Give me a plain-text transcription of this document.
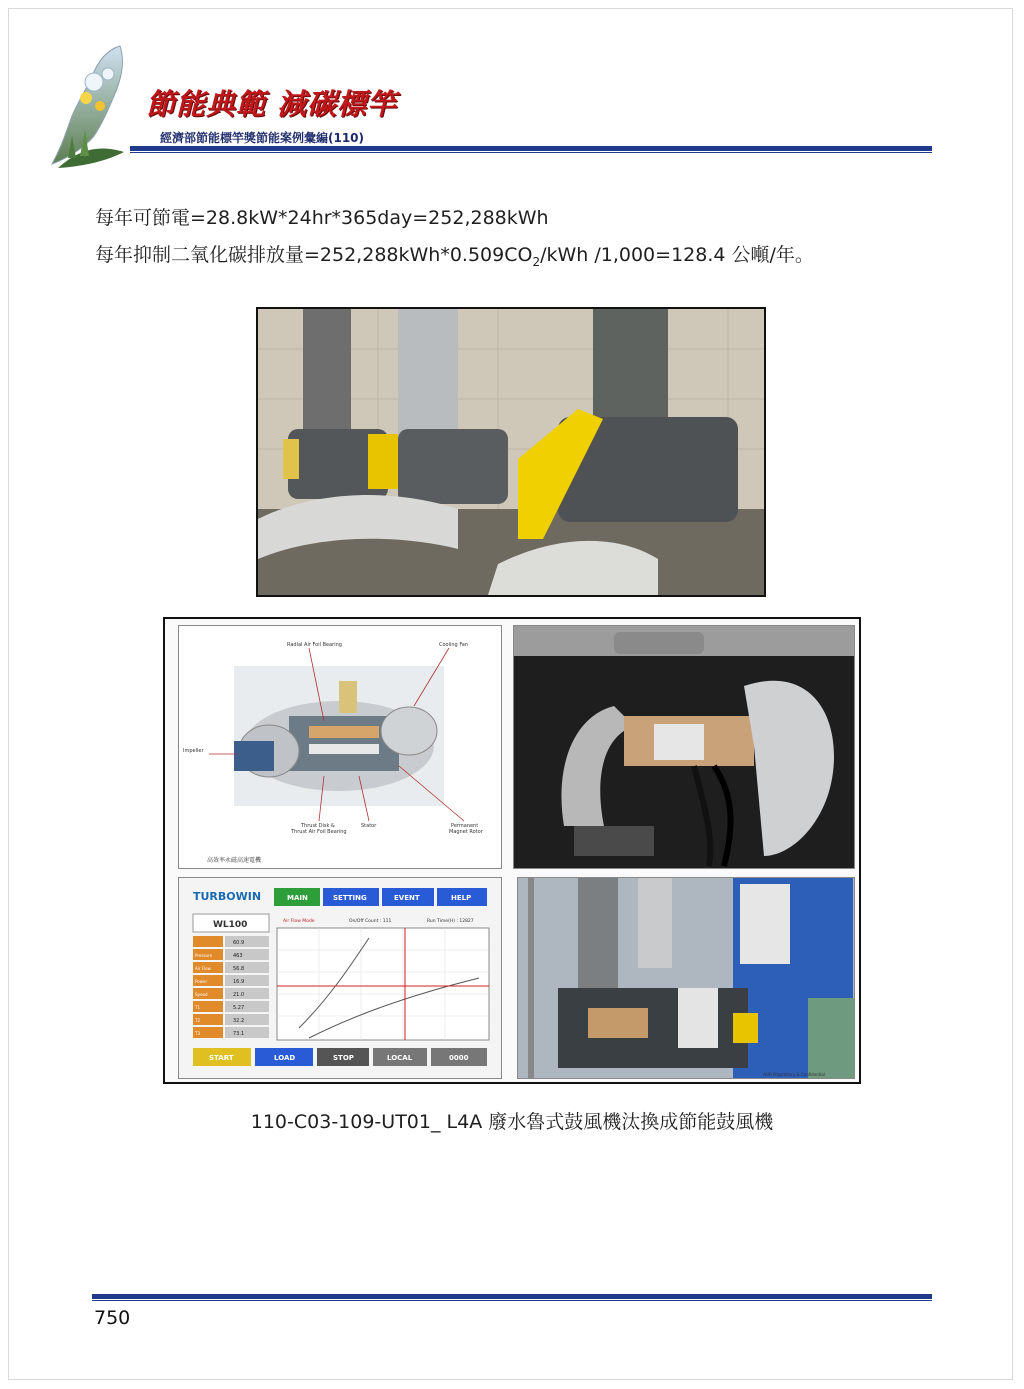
節能典範 減碳標竿
經濟部節能標竿獎節能案例彙編(110)
每年可節電=28.8kW*24hr*365day=252,288kWh
每年抑制二氧化碳排放量$=252,288kWh*0.509CO_2$/kWh /1,000=128.4 公噸/年。
Radial Air Foil Bearing	Cooling Fan
Impeller
Thrust Disk &
Thrust Air Foil Bearing
Stator	Permanent
Magnet Rotor
高效率永磁高速電機
TURBOWIN	MAIN	SETTING	EVENT	HELP
WL100	Air Flow Mode	On/Off Count : 111	Run Time(H) : 12827
60.9
Pressure	463
Air Flow	56.8
Power	16.9
Speed	21.0
T1	5.27
T2	32.2
T3	73.1
START	LOAD	STOP	LOCAL	0000
AUO Proprietary & Confidential
110-C03-109-UT01_ L4A 廢水魯式鼓風機汰換成節能鼓風機
750
